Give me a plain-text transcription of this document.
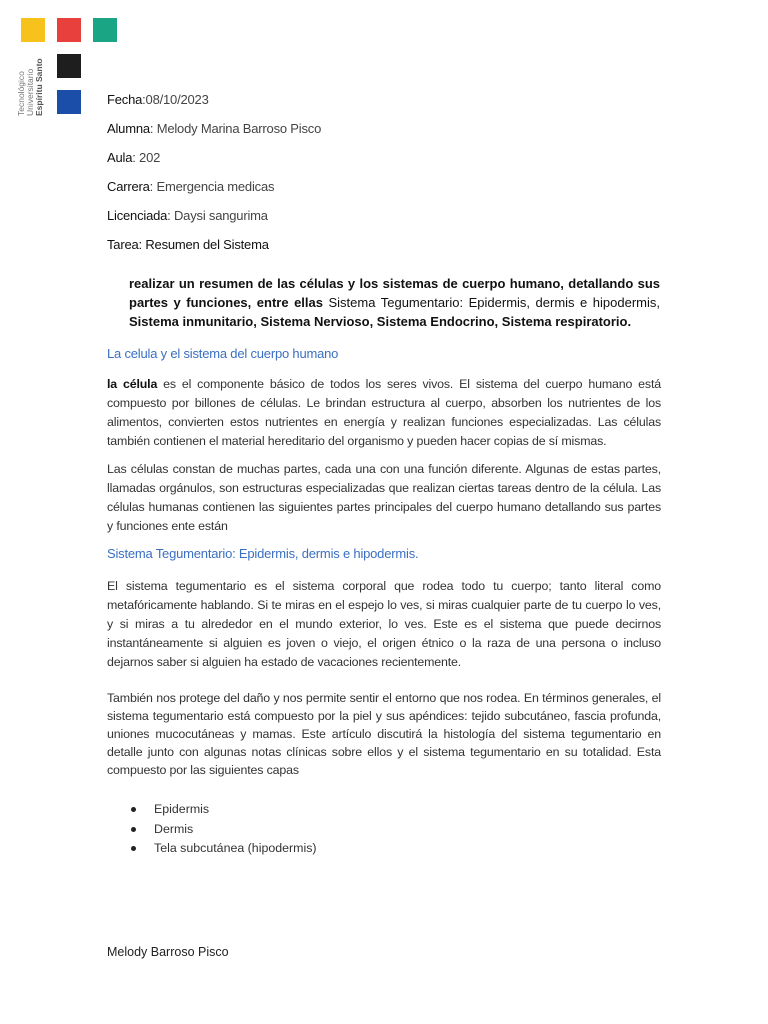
Tecnológico Universitario Espíritu Santo	Fecha:08/10/2023
Alumna: Melody Marina Barroso Pisco
Aula: 202
Carrera: Emergencia medicas
Licenciada: Daysi sangurima
Tarea: Resumen del Sistema
realizar un resumen de las células y los sistemas de cuerpo humano, detallando sus partes y funciones, entre ellas Sistema Tegumentario: Epidermis, dermis e hipodermis, Sistema inmunitario, Sistema Nervioso, Sistema Endocrino, Sistema respiratorio.
La celula y el sistema del cuerpo humano
la célula es el componente básico de todos los seres vivos. El sistema del cuerpo humano está compuesto por billones de células. Le brindan estructura al cuerpo, absorben los nutrientes de los alimentos, convierten estos nutrientes en energía y realizan funciones especializadas. Las células también contienen el material hereditario del organismo y pueden hacer copias de sí mismas.
Las células constan de muchas partes, cada una con una función diferente. Algunas de estas partes, llamadas orgánulos, son estructuras especializadas que realizan ciertas tareas dentro de la célula. Las células humanas contienen las siguientes partes principales del cuerpo humano detallando sus partes y funciones ente están
Sistema Tegumentario: Epidermis, dermis e hipodermis.
El sistema tegumentario es el sistema corporal que rodea todo tu cuerpo; tanto literal como metafóricamente hablando. Si te miras en el espejo lo ves, si miras cualquier parte de tu cuerpo lo ves, y si miras a tu alrededor en el mundo exterior, lo ves. Este es el sistema que puede decirnos instantáneamente si alguien es joven o viejo, el origen étnico o la raza de una persona o incluso dejarnos saber si alguien ha estado de vacaciones recientemente.
También nos protege del daño y nos permite sentir el entorno que nos rodea. En términos generales, el sistema tegumentario está compuesto por la piel y sus apéndices: tejido subcutáneo, fascia profunda, uniones mucocutáneas y mamas. Este artículo discutirá la histología del sistema tegumentario en detalle junto con algunas notas clínicas sobre ellos y el sistema tegumentario en su totalidad. Esta compuesto por las siguientes capas
Epidermis
Dermis
Tela subcutánea (hipodermis)
Melody Barroso Pisco
